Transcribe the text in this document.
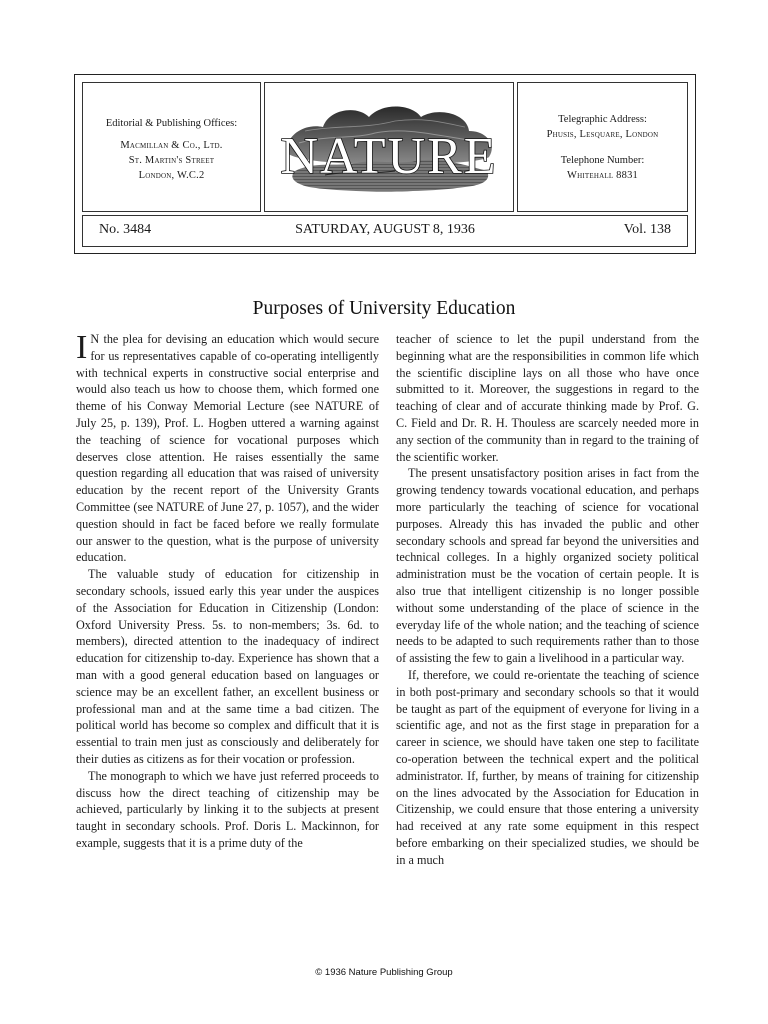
Editorial & Publishing Offices:
Macmillan & Co., Ltd.
St. Martin's Street
London, W.C.2	NATURE
Telegraphic Address:
Phusis, Lesquare, London
Telephone Number:
Whitehall 8831
No. 3484	SATURDAY, AUGUST 8, 1936	Vol. 138
Purposes of University Education

I N the plea for devising an education which would secure for us representatives capable of co-operating intelligently with technical experts in constructive social enterprise and would also teach us how to choose them, which formed one theme of his Conway Memorial Lecture (see NATURE of July 25, p. 139), Prof. L. Hogben uttered a warning against the teaching of science for vocational purposes which deserves close attention. He raises essentially the same question regarding all education that was raised of university education by the recent report of the University Grants Committee (see NATURE of June 27, p. 1057), and the wider question should in fact be faced before we really formulate our answer to the question, what is the purpose of university education.

The valuable study of education for citizenship in secondary schools, issued early this year under the auspices of the Association for Education in Citizenship (London: Oxford University Press. 5s. to non-members; 3s. 6d. to members), directed attention to the inadequacy of indirect education for citizenship to-day. Experience has shown that a man with a good general education based on languages or science may be an excellent father, an excellent business or professional man and at the same time a bad citizen. The political world has become so complex and difficult that it is essential to train men just as consciously and deliberately for their duties as citizens as for their vocation or profession.

The monograph to which we have just referred proceeds to discuss how the direct teaching of citizenship may be achieved, particularly by linking it to the subjects at present taught in secondary schools. Prof. Doris L. Mackinnon, for example, suggests that it is a prime duty of the

teacher of science to let the pupil understand from the beginning what are the responsibilities in common life which the scientific discipline lays on all those who have once submitted to it. Moreover, the suggestions in regard to the teaching of clear and of accurate thinking made by Prof. G. C. Field and Dr. R. H. Thouless are scarcely needed more in any section of the community than in regard to the training of the scientific worker.

The present unsatisfactory position arises in fact from the growing tendency towards vocational education, and perhaps more particularly the teaching of science for vocational purposes. Already this has invaded the public and other secondary schools and spread far beyond the universities and technical colleges. In a highly organized society political administration must be the vocation of certain people. It is also true that intelligent citizenship is no longer possible without some understanding of the place of science in the everyday life of the whole nation; and the teaching of science needs to be adapted to such requirements rather than to those of assisting the few to gain a livelihood in a particular way.

If, therefore, we could re-orientate the teaching of science in both post-primary and secondary schools so that it would be taught as part of the equipment of everyone for living in a scientific age, and not as the first stage in preparation for a career in science, we should have taken one step to facilitate co-operation between the technical expert and the political administrator. If, further, by means of training for citizenship on the lines advocated by the Association for Education in Citizenship, we could ensure that those entering a university had received at any rate some equipment in this respect before embarking on their specialized studies, we should be in a much

© 1936 Nature Publishing Group
